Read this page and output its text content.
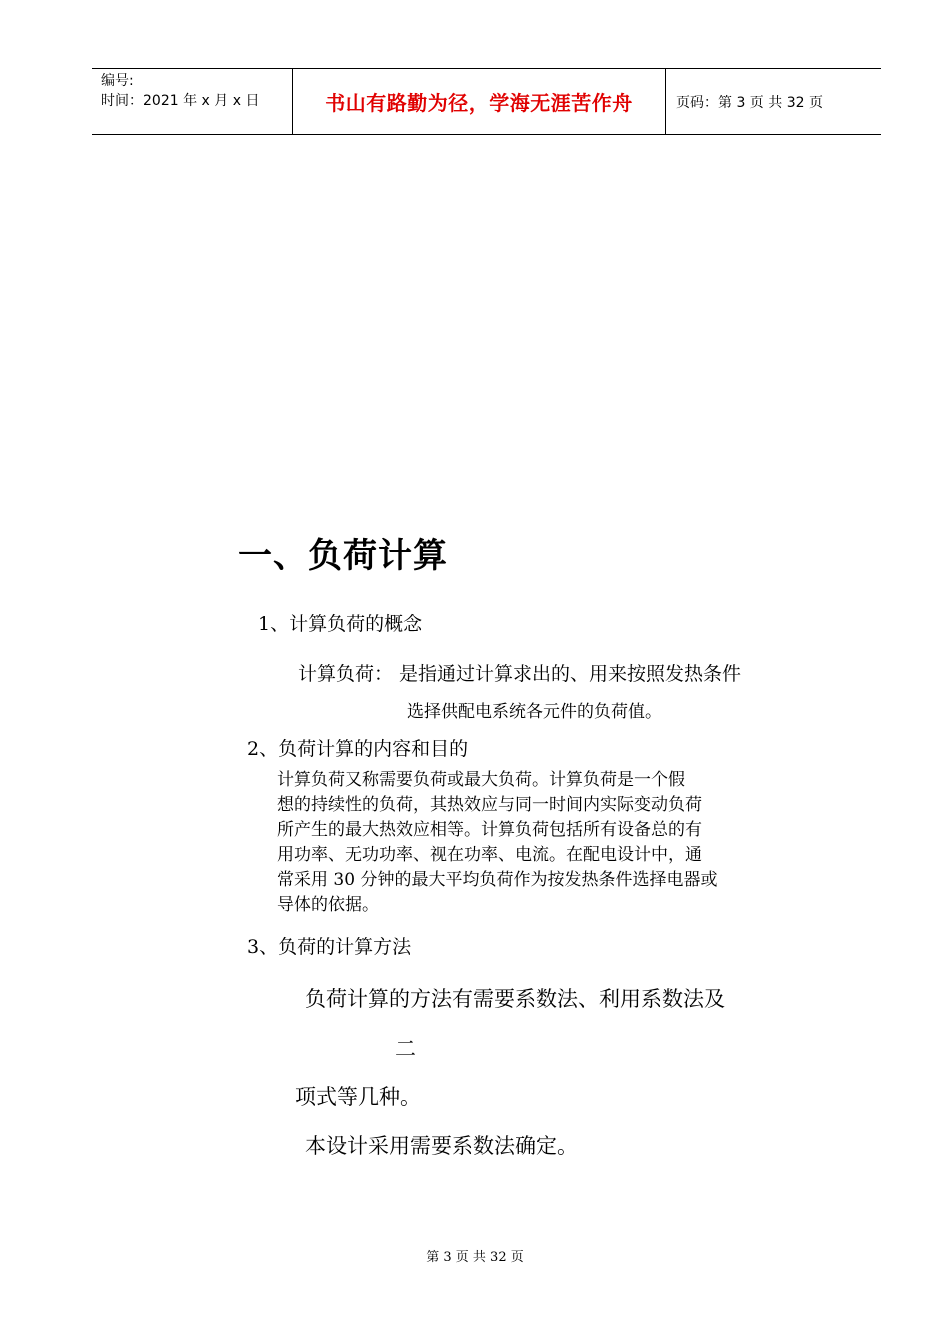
编号:
时间：2021 年 x 月 x 日	书山有路勤为径，学海无涯苦作舟	页码：第 3 页 共 32 页
一、负荷计算
1、计算负荷的概念
计算负荷： 是指通过计算求出的、用来按照发热条件
选择供配电系统各元件的负荷值。
2、负荷计算的内容和目的

计算负荷又称需要负荷或最大负荷。计算负荷是一个假

想的持续性的负荷，其热效应与同一时间内实际变动负荷

所产生的最大热效应相等。计算负荷包括所有设备总的有

用功率、无功功率、视在功率、电流。在配电设计中，通

常采用 30 分钟的最大平均负荷作为按发热条件选择电器或

导体的依据。

3、负荷的计算方法
负荷计算的方法有需要系数法、利用系数法及
二
项式等几种。
本设计采用需要系数法确定。
第 3 页 共 32 页
